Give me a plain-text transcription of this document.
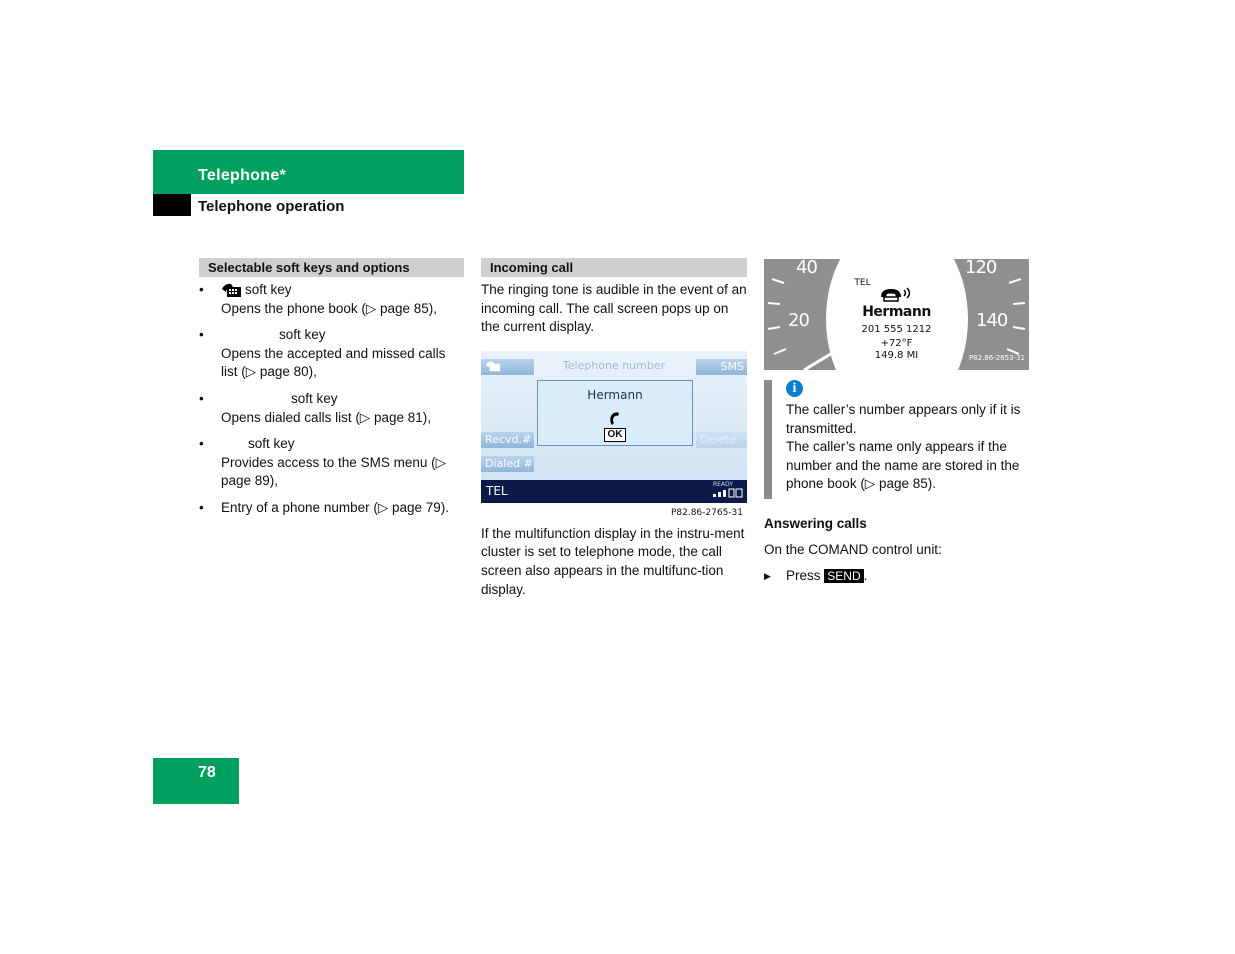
Telephone*
Telephone operation
Selectable soft keys and options
• soft key
Opens the phone book (▷ page 85),
• soft key
Opens the accepted and missed calls list (▷ page 80),
• soft key
Opens dialed calls list (▷ page 81),
• soft key
Provides access to the SMS menu (▷ page 89),
• Entry of a phone number (▷ page 79).
Incoming call

The ringing tone is audible in the event of an incoming call. The call screen pops up on the current display.

Telephone number	SMS
Recvd.#
Dialed #
Delete
Hermann
OK
TEL	READY
P82.86-2765-31

If the multifunction display in the instru-ment cluster is set to telephone mode, the call screen also appears in the multifunc-tion display.

40
20
120
140
TEL
Hermann
201 555 1212
+72°F
149.8 MI	P82.86-2653-31
i

The caller’s number appears only if it is transmitted.

The caller’s name only appears if the number and the name are stored in the phone book (▷ page 85).

Answering calls

On the COMAND control unit:

▶ Press SEND .
78
